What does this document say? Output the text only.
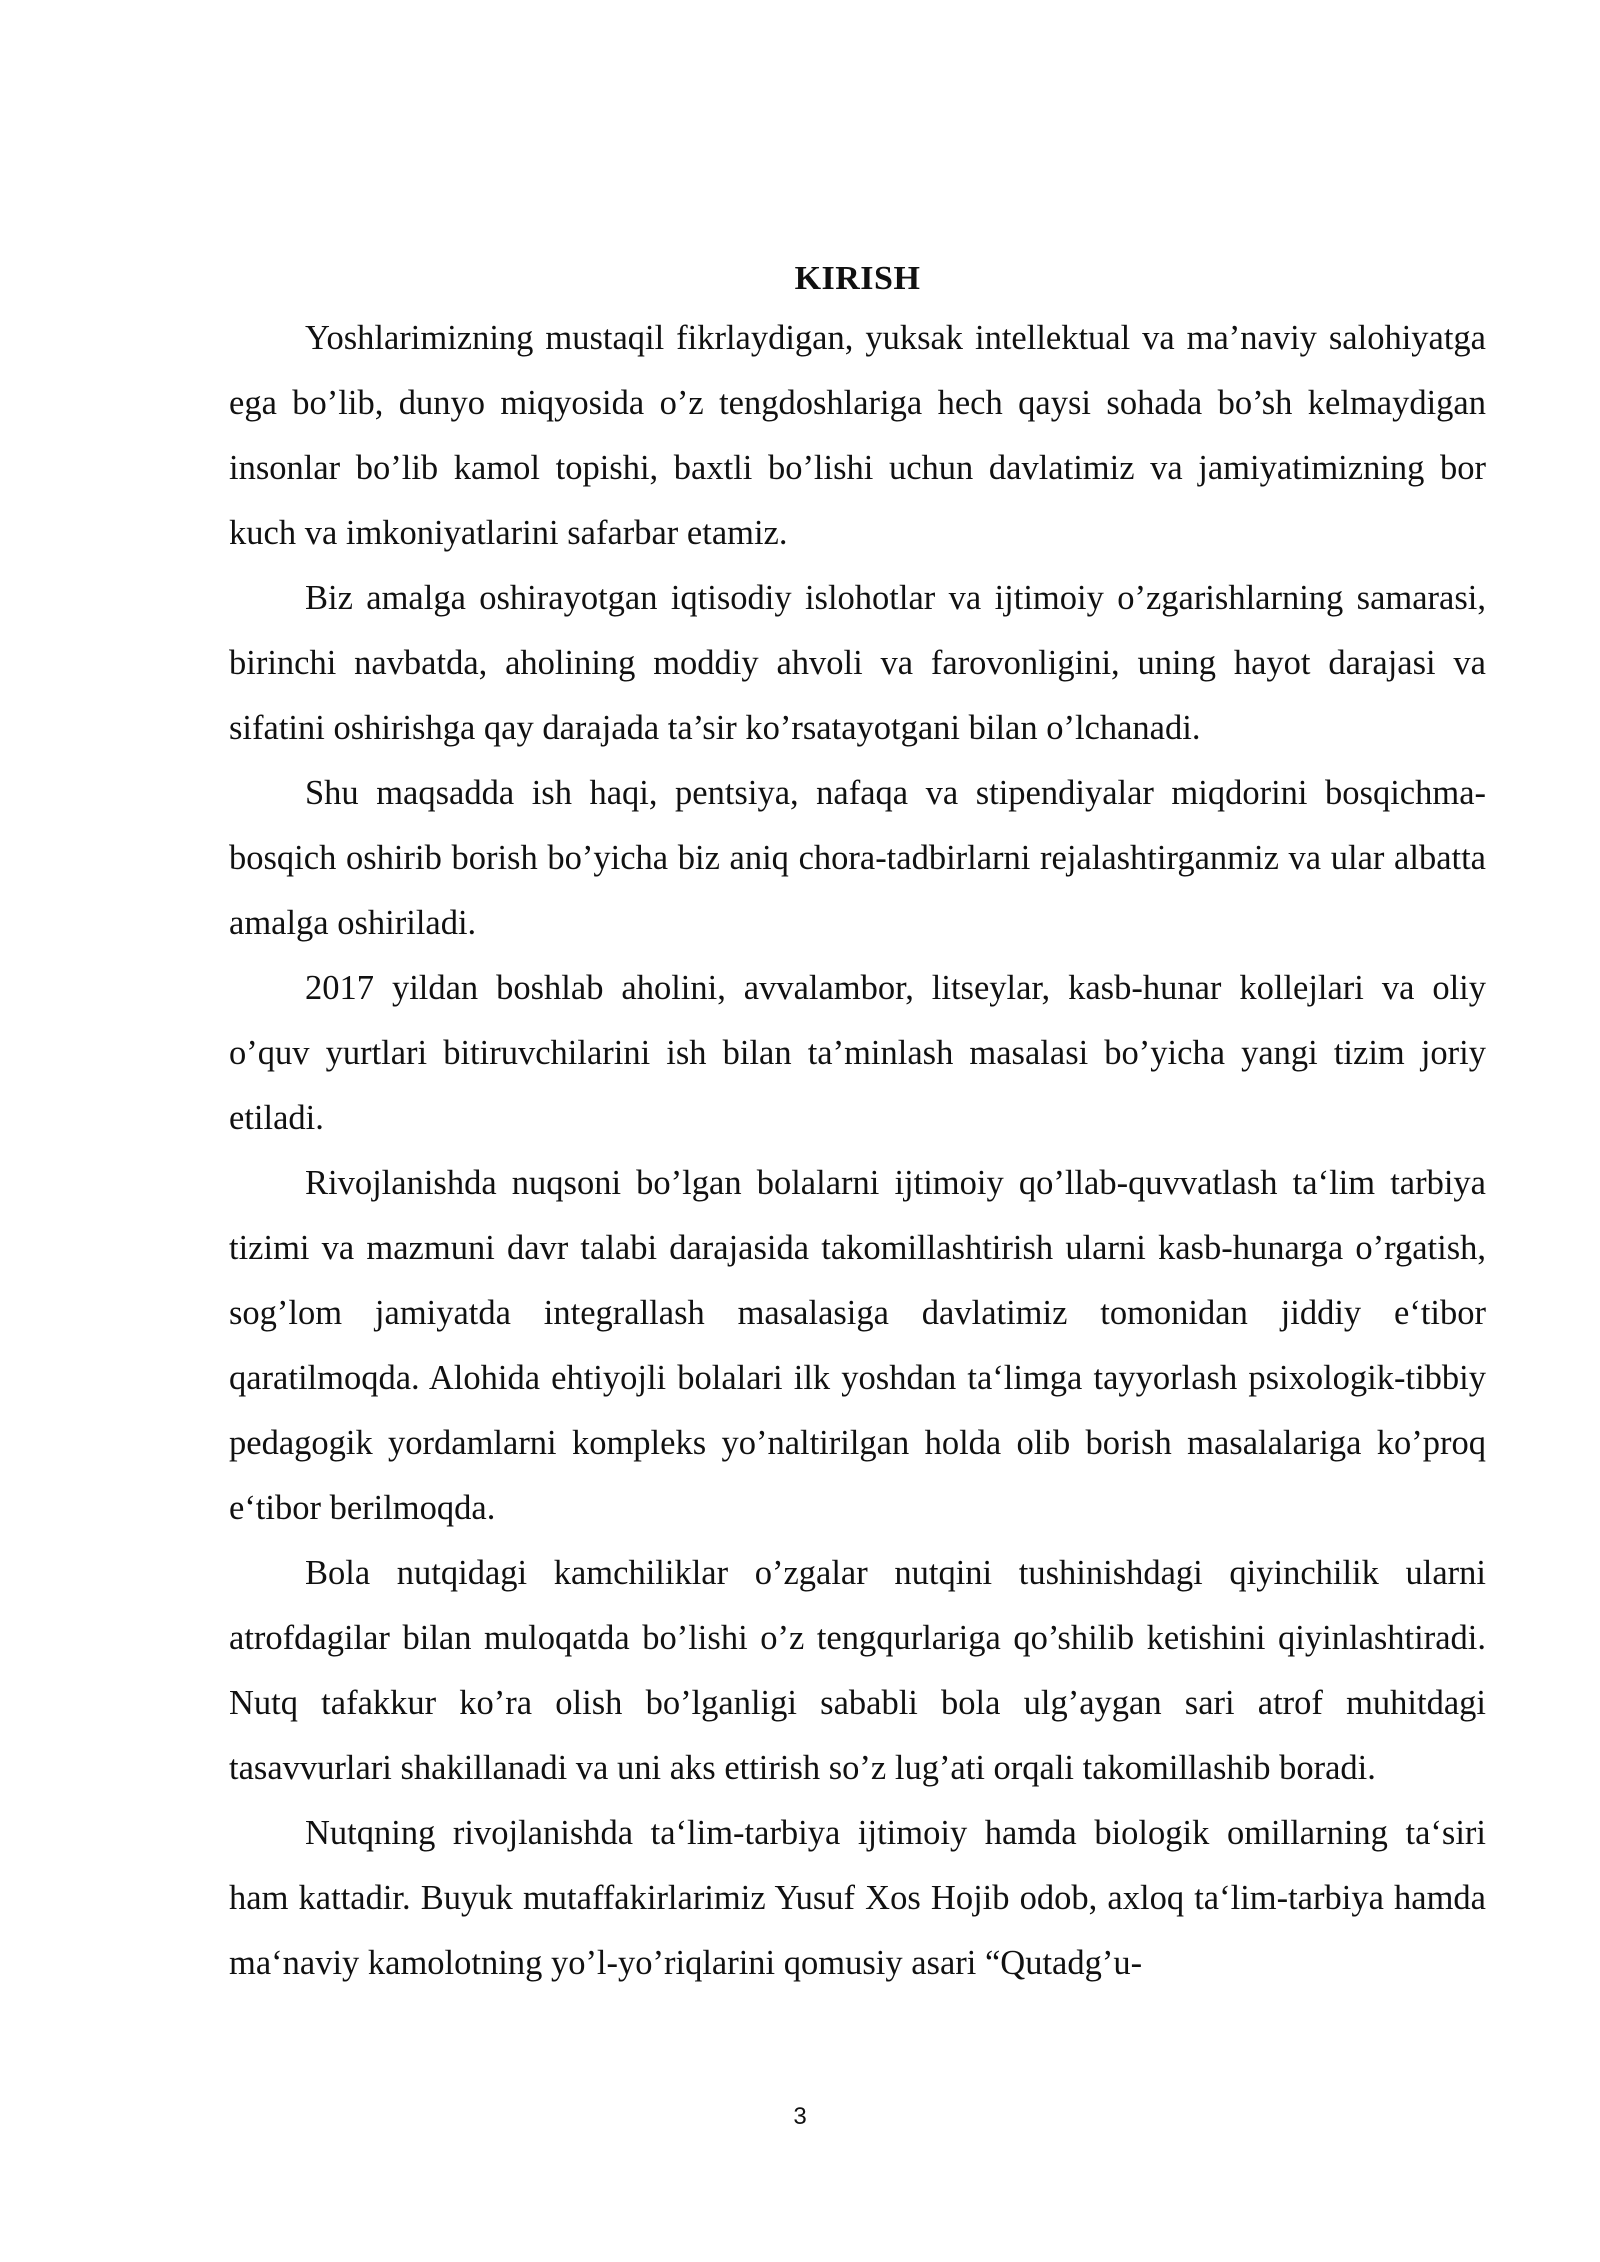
KIRISH

Yoshlarimizning mustaqil fikrlaydigan, yuksak intellektual va ma’naviy salohiyatga ega bo’lib, dunyo miqyosida o’z tengdoshlariga hech qaysi sohada bo’sh kelmaydigan insonlar bo’lib kamol topishi, baxtli bo’lishi uchun davlatimiz va jamiyatimizning bor kuch va imkoniyatlarini safarbar etamiz.

Biz amalga oshirayotgan iqtisodiy islohotlar va ijtimoiy o’zgarishlarning samarasi, birinchi navbatda, aholining moddiy ahvoli va farovonligini, uning hayot darajasi va sifatini oshirishga qay darajada ta’sir ko’rsatayotgani bilan o’lchanadi.

Shu maqsadda ish haqi, pentsiya, nafaqa va stipendiyalar miqdorini bosqichma-bosqich oshirib borish bo’yicha biz aniq chora-tadbirlarni rejalashtirganmiz va ular albatta amalga oshiriladi.

2017 yildan boshlab aholini, avvalambor, litseylar, kasb-hunar kollejlari va oliy o’quv yurtlari bitiruvchilarini ish bilan ta’minlash masalasi bo’yicha yangi tizim joriy etiladi.

Rivojlanishda nuqsoni bo’lgan bolalarni ijtimoiy qo’llab-quvvatlash ta‘lim tarbiya tizimi va mazmuni davr talabi darajasida takomillashtirish ularni kasb-hunarga o’rgatish, sog’lom jamiyatda integrallash masalasiga davlatimiz tomonidan jiddiy e‘tibor qaratilmoqda. Alohida ehtiyojli bolalari ilk yoshdan ta‘limga tayyorlash psixologik-tibbiy pedagogik yordamlarni kompleks yo’naltirilgan holda olib borish masalalariga ko’proq e‘tibor berilmoqda.

Bola nutqidagi kamchiliklar o’zgalar nutqini tushinishdagi qiyinchilik ularni atrofdagilar bilan muloqatda bo’lishi o’z tengqurlariga qo’shilib ketishini qiyinlashtiradi. Nutq tafakkur ko’ra olish bo’lganligi sababli bola ulg’aygan sari atrof muhitdagi tasavvurlari shakillanadi va uni aks ettirish so’z lug’ati orqali takomillashib boradi.

Nutqning rivojlanishda ta‘lim-tarbiya ijtimoiy hamda biologik omillarning ta‘siri ham kattadir. Buyuk mutaffakirlarimiz Yusuf Xos Hojib odob, axloq ta‘lim-tarbiya hamda ma‘naviy kamolotning yo’l-yo’riqlarini qomusiy asari “Qutadg’u-

3
